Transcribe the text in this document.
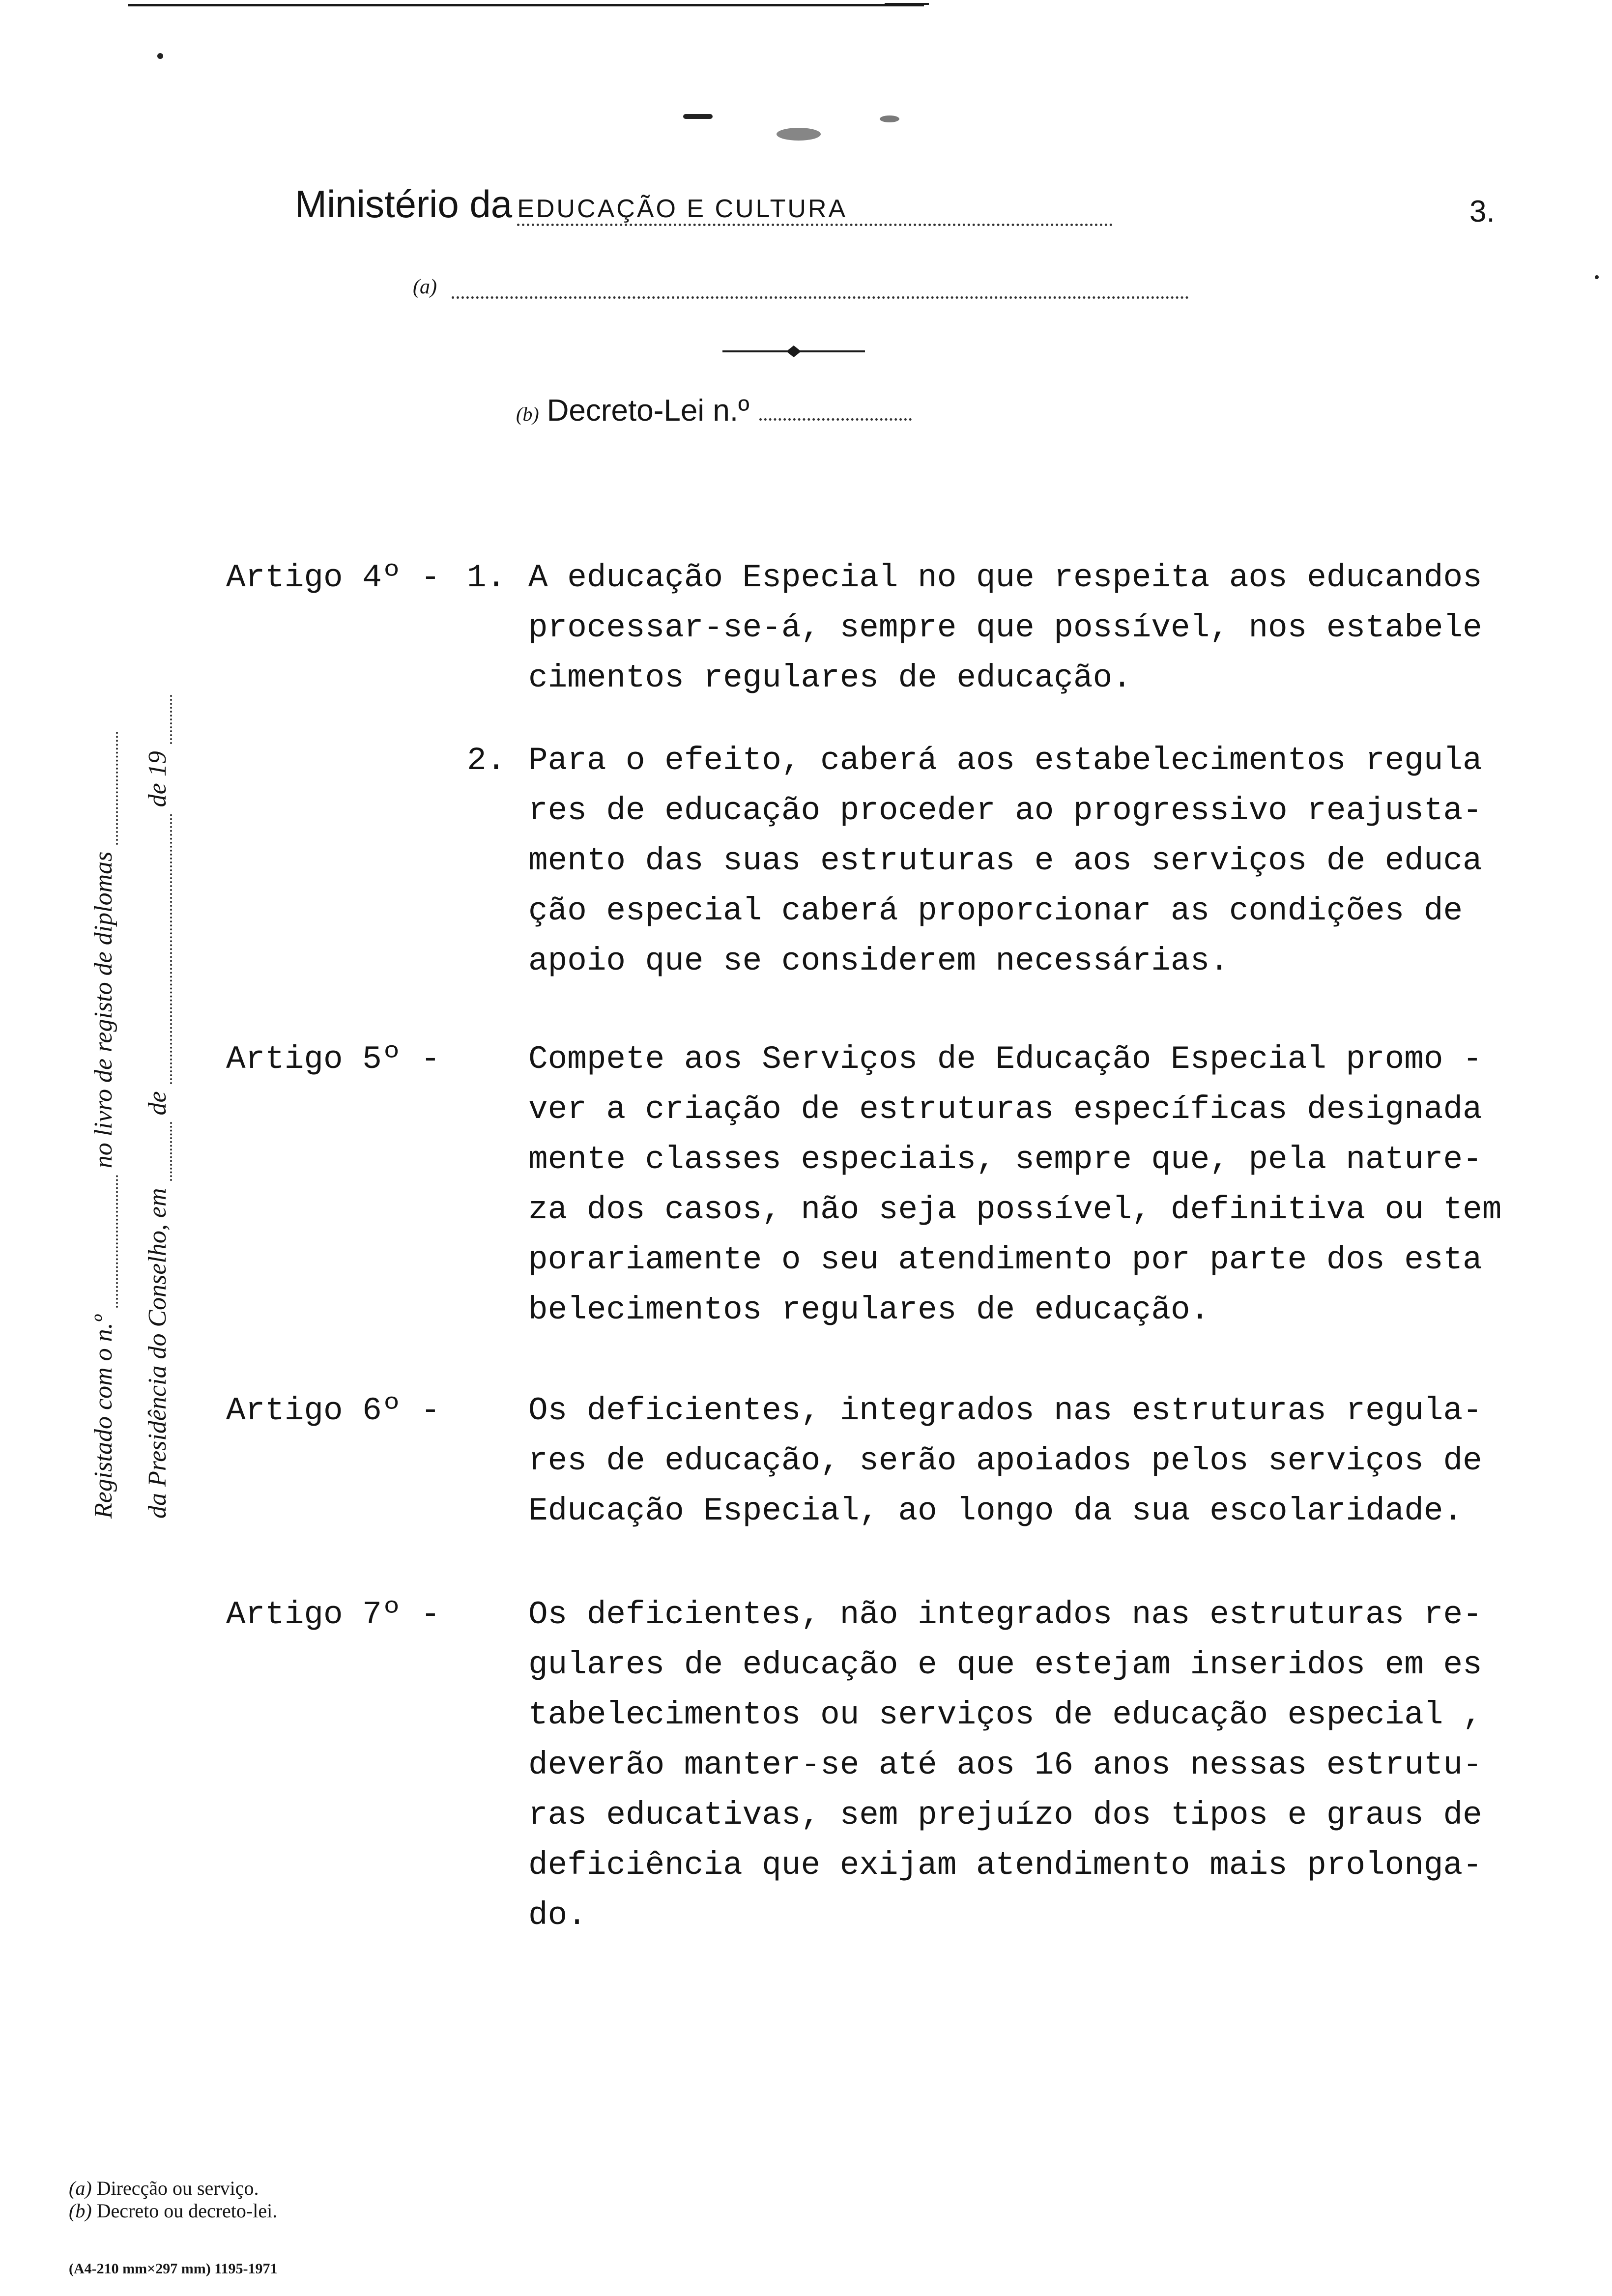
Ministério da EDUCAÇÃO E CULTURA	3.
(a)
(b) Decreto-Lei n.º
Registado com o n.º
no livro de registo de diplomas
da Presidência do Conselho, em
de
de 19
Artigo 4º - 1. A educação Especial no que respeita aos educandos
processar-se-á, sempre que possível, nos estabele
cimentos regulares de educação.
2. Para o efeito, caberá aos estabelecimentos regula
res de educação proceder ao progressivo reajusta-
mento das suas estruturas e aos serviços de educa
ção especial caberá proporcionar as condições de
apoio que se considerem necessárias.
Artigo 5º -	Compete aos Serviços de Educação Especial promo -
ver a criação de estruturas específicas designada
mente classes especiais, sempre que, pela nature-
za dos casos, não seja possível, definitiva ou tem
porariamente o seu atendimento por parte dos esta
belecimentos regulares de educação.
Artigo 6º -	Os deficientes, integrados nas estruturas regula-
res de educação, serão apoiados pelos serviços de
Educação Especial, ao longo da sua escolaridade.
Artigo 7º -	Os deficientes, não integrados nas estruturas re-
gulares de educação e que estejam inseridos em es
tabelecimentos ou serviços de educação especial ,
deverão manter-se até aos 16 anos nessas estrutu-
ras educativas, sem prejuízo dos tipos e graus de
deficiência que exijam atendimento mais prolonga-
do.
(a) Direcção ou serviço.
(b) Decreto ou decreto-lei.
(A4-210 mm×297 mm) 1195-1971
